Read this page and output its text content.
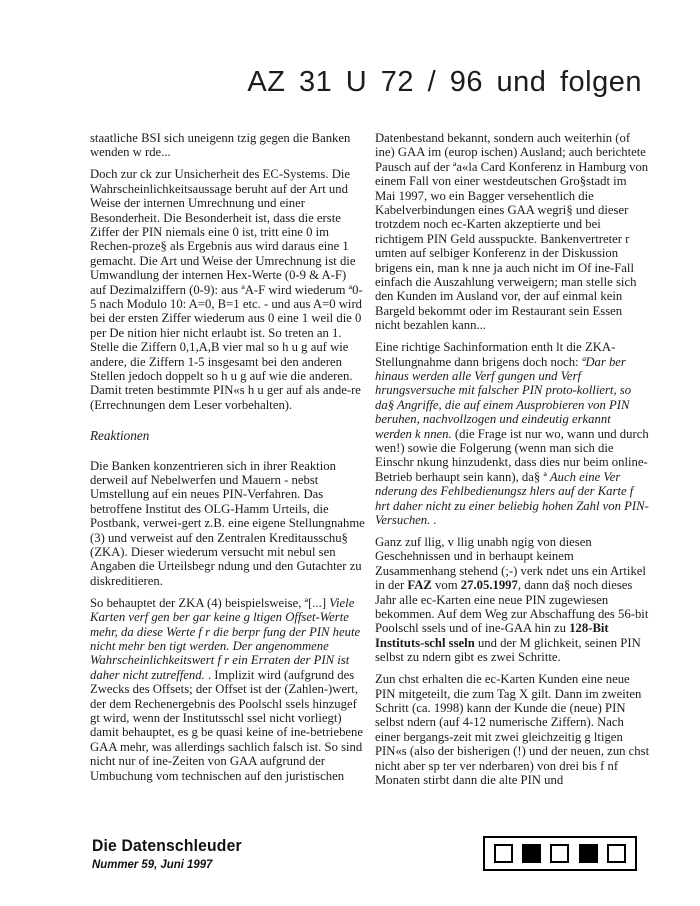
AZ 31 U 72 / 96 und folgen

staatliche BSI sich uneigenn tzig gegen die Banken wenden w rde...

Doch zur ck zur Unsicherheit des EC-Systems. Die Wahrscheinlichkeitsaussage beruht auf der Art und Weise der internen Umrechnung und einer Besonderheit. Die Besonderheit ist, dass die erste Ziffer der PIN niemals eine 0 ist, tritt eine 0 im Rechen-proze§ als Ergebnis aus wird daraus eine 1 gemacht. Die Art und Weise der Umrechnung ist die Umwandlung der internen Hex-Werte (0-9 & A-F) auf Dezimalziffern (0-9): aus ªA-F wird wiederum ª0-5 nach Modulo 10: A=0, B=1 etc. - und aus A=0 wird bei der ersten Ziffer wiederum aus 0 eine 1 weil die 0 per De nition hier nicht erlaubt ist. So treten an 1. Stelle die Ziffern 0,1,A,B vier mal so h u g auf wie andere, die Ziffern 1-5 insgesamt bei den anderen Stellen jedoch doppelt so h u g auf wie die anderen. Damit treten bestimmte PIN«s h u ger auf als ande-re (Errechnungen dem Leser vorbehalten).

Reaktionen

Die Banken konzentrieren sich in ihrer Reaktion derweil auf Nebelwerfen und Mauern - nebst Umstellung auf ein neues PIN-Verfahren. Das betroffene Institut des OLG-Hamm Urteils, die Postbank, verwei-gert z.B. eine eigene Stellungnahme (3) und verweist auf den Zentralen Kreditausschu§ (ZKA). Dieser wiederum versucht mit nebul sen Angaben die Urteilsbegr ndung und den Gutachter zu diskreditieren.

So behauptet der ZKA (4) beispielsweise, ª[...] Viele Karten verf gen ber gar keine g ltigen Offset-Werte mehr, da diese Werte f r die berpr fung der PIN heute nicht mehr ben tigt werden. Der angenommene Wahrscheinlichkeitswert f r ein Erraten der PIN ist daher nicht zutreffend. . Implizit wird (aufgrund des Zwecks des Offsets; der Offset ist der (Zahlen-)wert, der dem Rechenergebnis des Poolschl ssels hinzugef gt wird, wenn der Institutsschl ssel nicht vorliegt) damit behauptet, es g be quasi keine of ine-betriebene GAA mehr, was allerdings sachlich falsch ist. So sind nicht nur of ine-Zeiten von GAA aufgrund der Umbuchung vom technischen auf den juristischen

Datenbestand bekannt, sondern auch weiterhin (of ine) GAA im (europ ischen) Ausland; auch berichtete Pausch auf der ªa«la Card Konferenz in Hamburg von einem Fall von einer westdeutschen Gro§stadt im Mai 1997, wo ein Bagger versehentlich die Kabelverbindungen eines GAA wegri§ und dieser trotzdem noch ec-Karten akzeptierte und bei richtigem PIN Geld ausspuckte. Bankenvertreter r umten auf selbiger Konferenz in der Diskussion brigens ein, man k nne ja auch nicht im Of ine-Fall einfach die Auszahlung verweigern; man stelle sich den Kunden im Ausland vor, der auf einmal kein Bargeld bekommt oder im Restaurant sein Essen nicht bezahlen kann...

Eine richtige Sachinformation enth lt die ZKA-Stellungnahme dann brigens doch noch: ªDar ber hinaus werden alle Verf gungen und Verf hrungsversuche mit falscher PIN proto-kolliert, so da§ Angriffe, die auf einem Ausprobieren von PIN beruhen, nachvollzogen und eindeutig erkannt werden k nnen. (die Frage ist nur wo, wann und durch wen!) sowie die Folgerung (wenn man sich die Einschr nkung hinzudenkt, dass dies nur beim online-Betrieb berhaupt sein kann), da§ ª Auch eine Ver nderung des Fehlbedienungsz hlers auf der Karte f hrt daher nicht zu einer beliebig hohen Zahl von PIN-Versuchen. .

Ganz zuf llig, v llig unabh ngig von diesen Geschehnissen und in berhaupt keinem Zusammenhang stehend (;-) verk ndet uns ein Artikel in der FAZ vom 27.05.1997, dann da§ noch dieses Jahr alle ec-Karten eine neue PIN zugewiesen bekommen. Auf dem Weg zur Abschaffung des 56-bit Poolschl ssels und of ine-GAA hin zu 128-Bit Instituts-schl sseln und der M glichkeit, seinen PIN selbst zu ndern gibt es zwei Schritte.

Zun chst erhalten die ec-Karten Kunden eine neue PIN mitgeteilt, die zum Tag X gilt. Dann im zweiten Schritt (ca. 1998) kann der Kunde die (neue) PIN selbst ndern (auf 4-12 numerische Ziffern). Nach einer bergangs-zeit mit zwei gleichzeitig g ltigen PIN«s (also der bisherigen (!) und der neuen, zun chst nicht aber sp ter ver nderbaren) von drei bis f nf Monaten stirbt dann die alte PIN und

Die Datenschleuder
Nummer 59, Juni 1997
